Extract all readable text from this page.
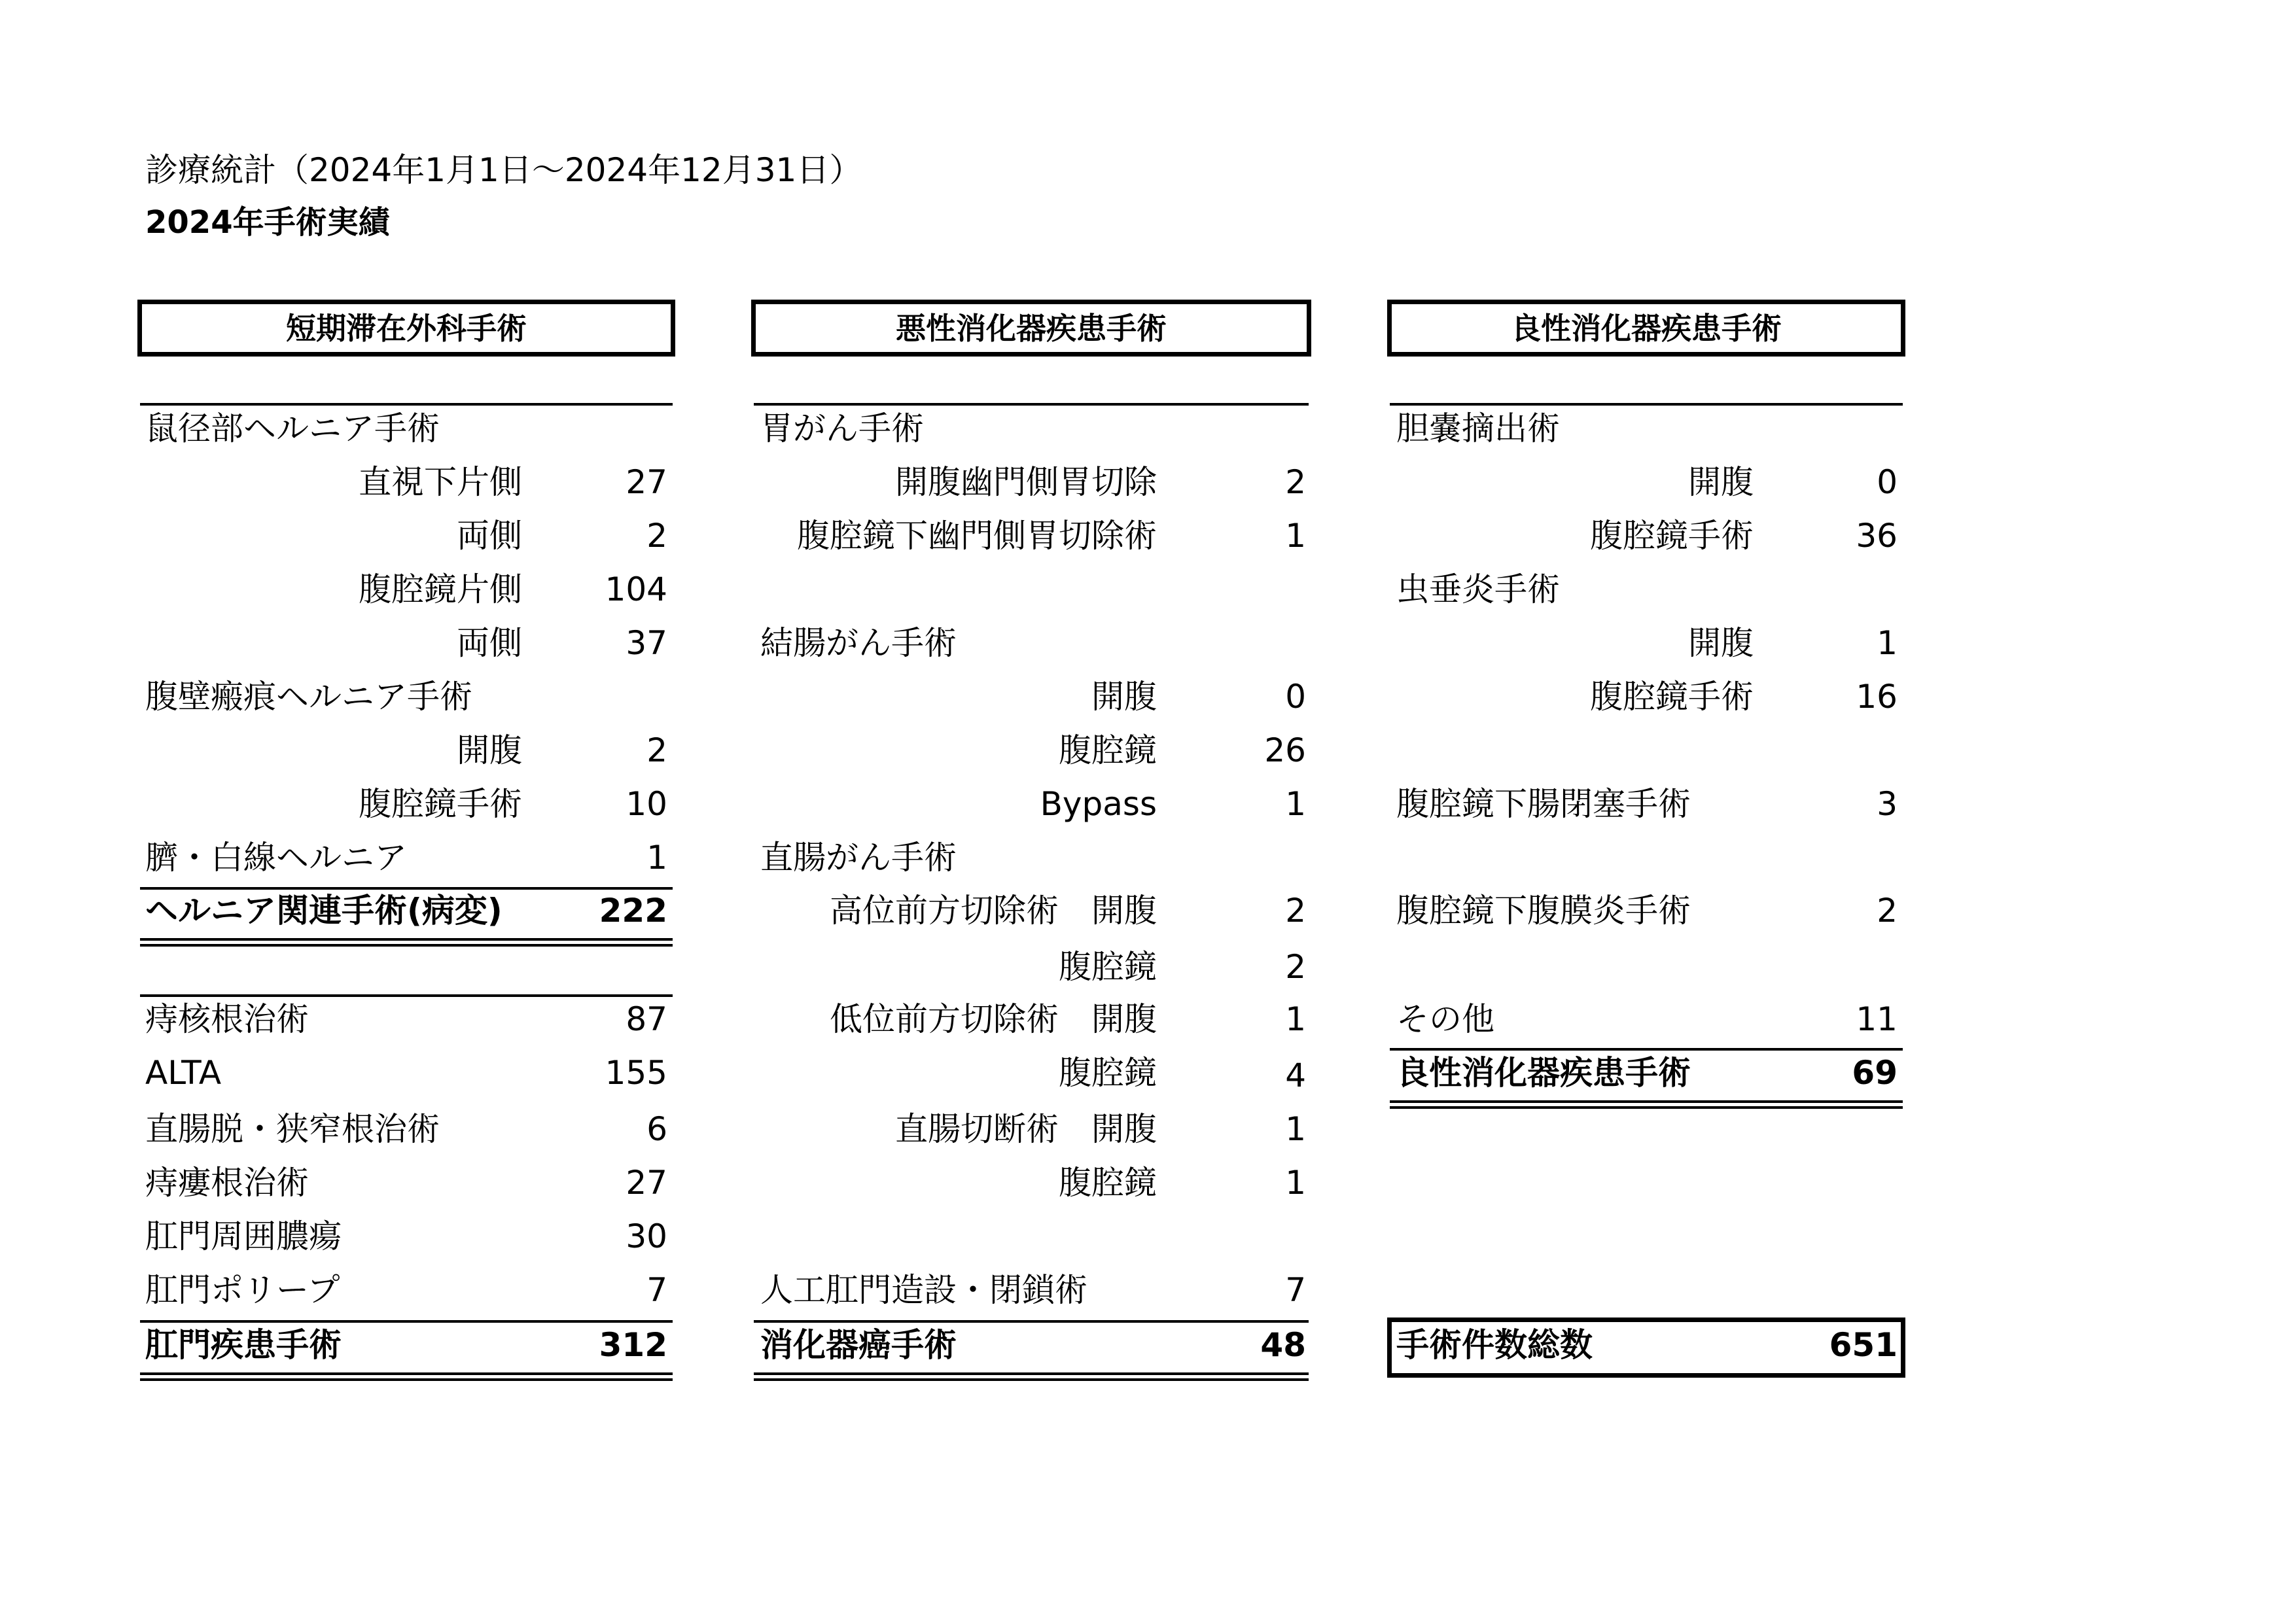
診療統計（2024年1月1日～2024年12月31日）
2024年手術実績
短期滞在外科手術
鼠径部ヘルニア手術
直視下片側	27
両側	2
腹腔鏡片側	104
両側	37
腹壁瘢痕ヘルニア手術
開腹	2
腹腔鏡手術	10
臍・白線ヘルニア	1
ヘルニア関連手術(病変)	222
痔核根治術	87
ALTA	155
直腸脱・狭窄根治術	6
痔瘻根治術	27
肛門周囲膿瘍	30
肛門ポリープ	7
肛門疾患手術	312
悪性消化器疾患手術
胃がん手術
開腹幽門側胃切除	2
腹腔鏡下幽門側胃切除術	1
結腸がん手術
開腹	0
腹腔鏡	26
Bypass	1
直腸がん手術
高位前方切除術　開腹	2
腹腔鏡	2
低位前方切除術　開腹	1
腹腔鏡	4
直腸切断術　開腹	1
腹腔鏡	1
人工肛門造設・閉鎖術	7
消化器癌手術	48
良性消化器疾患手術
胆嚢摘出術
開腹	0
腹腔鏡手術	36
虫垂炎手術
開腹	1
腹腔鏡手術	16
腹腔鏡下腸閉塞手術	3
腹腔鏡下腹膜炎手術	2
その他	11
良性消化器疾患手術	69
手術件数総数	651
